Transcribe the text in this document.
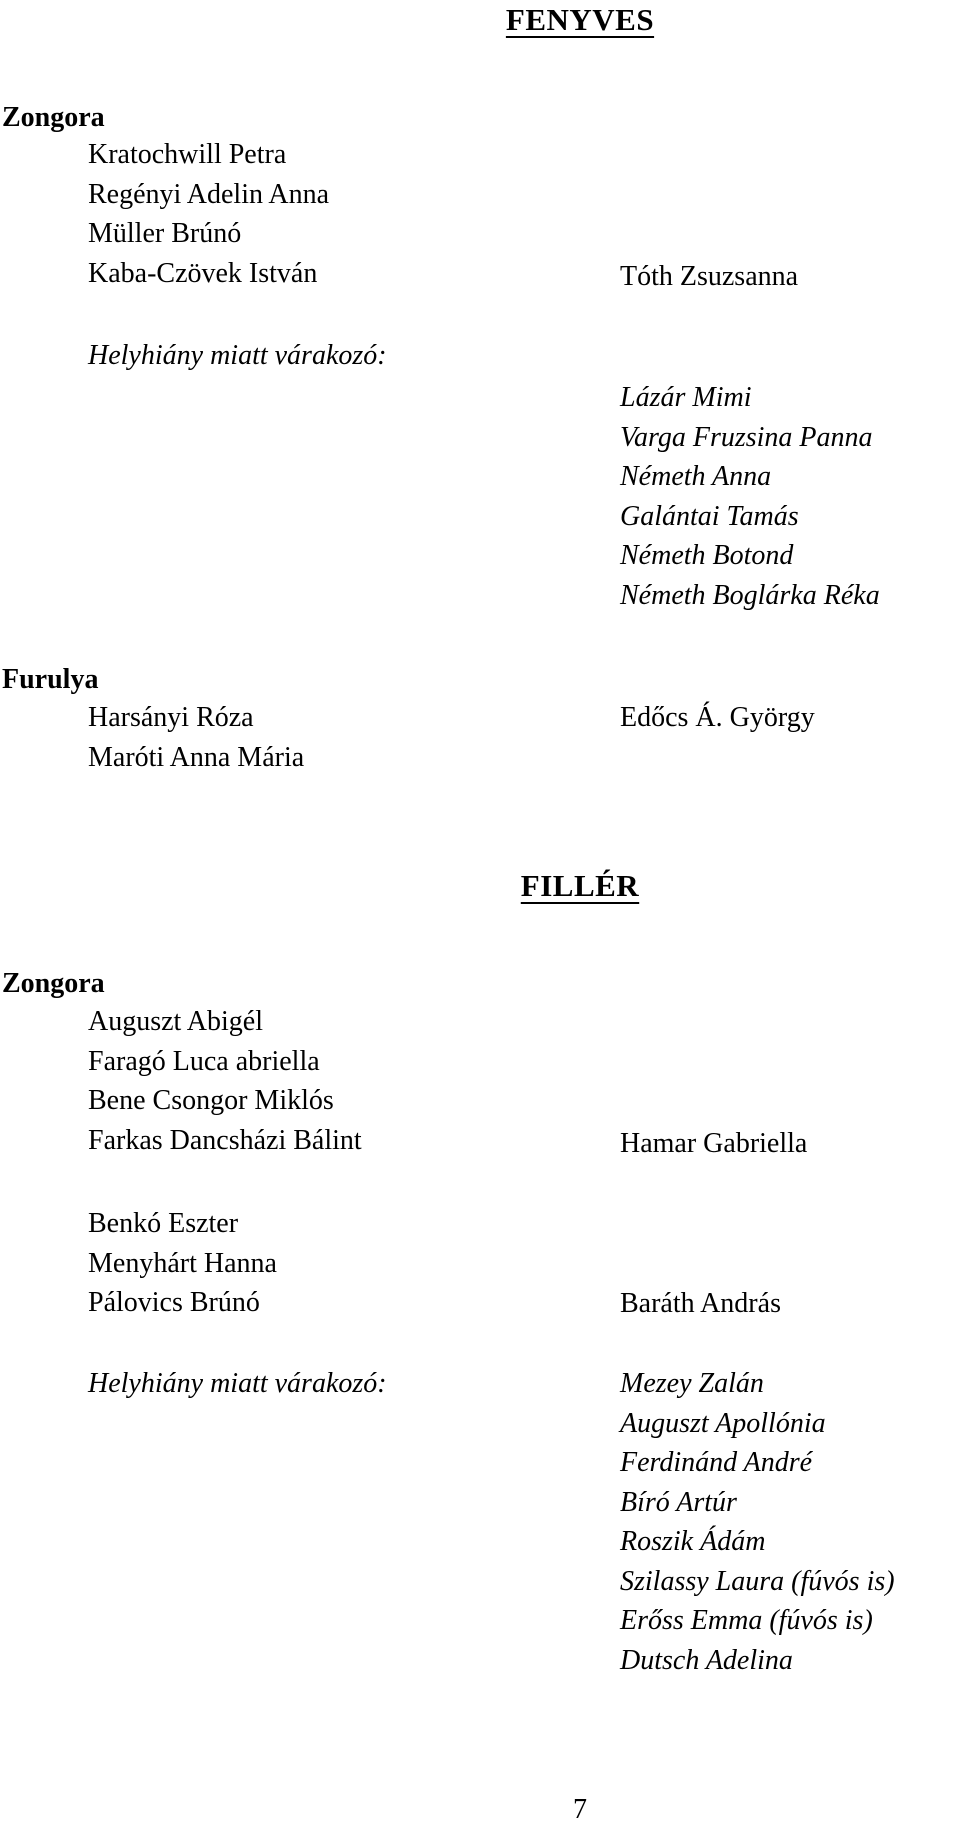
FENYVES
Zongora
Kratochwill Petra
Regényi Adelin Anna
Müller Brúnó
Kaba-Czövek István	Tóth Zsuzsanna
Helyhiány miatt várakozó:
Lázár Mimi
Varga Fruzsina Panna
Németh Anna
Galántai Tamás
Németh Botond
Németh Boglárka Réka
Furulya
Harsányi Róza
Maróti Anna Mária
Edőcs Á. György
FILLÉR
Zongora
Auguszt Abigél
Faragó Luca abriella
Bene Csongor Miklós
Farkas Dancsházi Bálint	Hamar Gabriella
Benkó Eszter
Menyhárt Hanna
Pálovics Brúnó	Baráth András
Helyhiány miatt várakozó:	Mezey Zalán
Auguszt Apollónia
Ferdinánd André
Bíró Artúr
Roszik Ádám
Szilassy Laura (fúvós is)
Erőss Emma (fúvós is)
Dutsch Adelina
7
